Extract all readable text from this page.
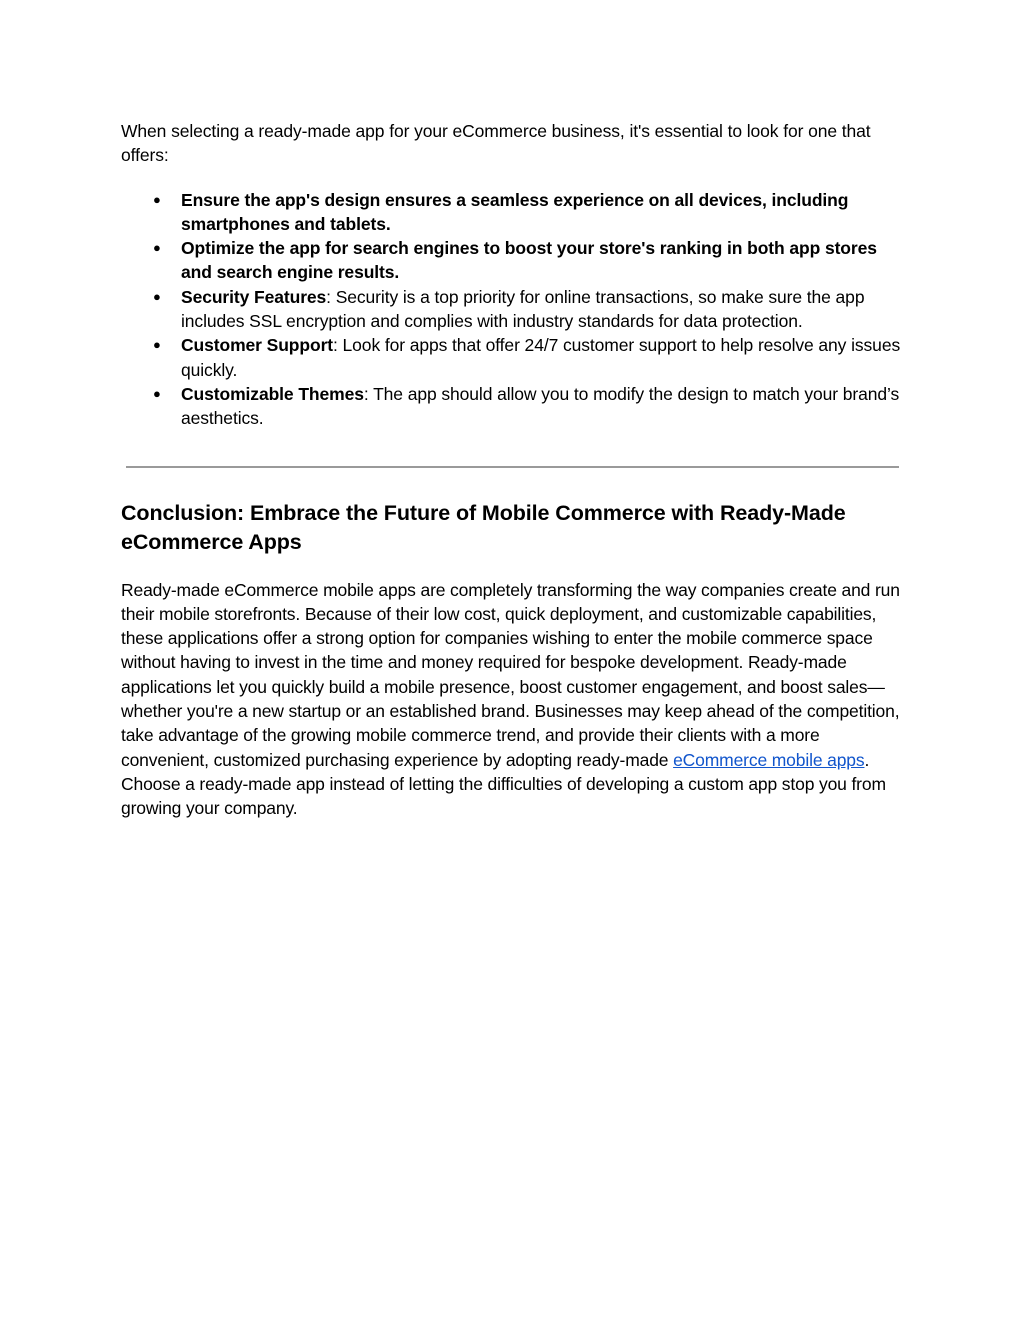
When selecting a ready-made app for your eCommerce business, it's essential to look for one that offers:

● Ensure the app's design ensures a seamless experience on all devices, including smartphones and tablets.
● Optimize the app for search engines to boost your store's ranking in both app stores and search engine results.
● Security Features: Security is a top priority for online transactions, so make sure the app includes SSL encryption and complies with industry standards for data protection.
● Customer Support: Look for apps that offer 24/7 customer support to help resolve any issues quickly.
● Customizable Themes: The app should allow you to modify the design to match your brand’s aesthetics.
Conclusion: Embrace the Future of Mobile Commerce with Ready-Made eCommerce Apps

Ready-made eCommerce mobile apps are completely transforming the way companies create and run their mobile storefronts. Because of their low cost, quick deployment, and customizable capabilities, these applications offer a strong option for companies wishing to enter the mobile commerce space without having to invest in the time and money required for bespoke development. Ready-made applications let you quickly build a mobile presence, boost customer engagement, and boost sales—whether you're a new startup or an established brand. Businesses may keep ahead of the competition, take advantage of the growing mobile commerce trend, and provide their clients with a more convenient, customized purchasing experience by adopting ready-made eCommerce mobile apps. Choose a ready-made app instead of letting the difficulties of developing a custom app stop you from growing your company.
